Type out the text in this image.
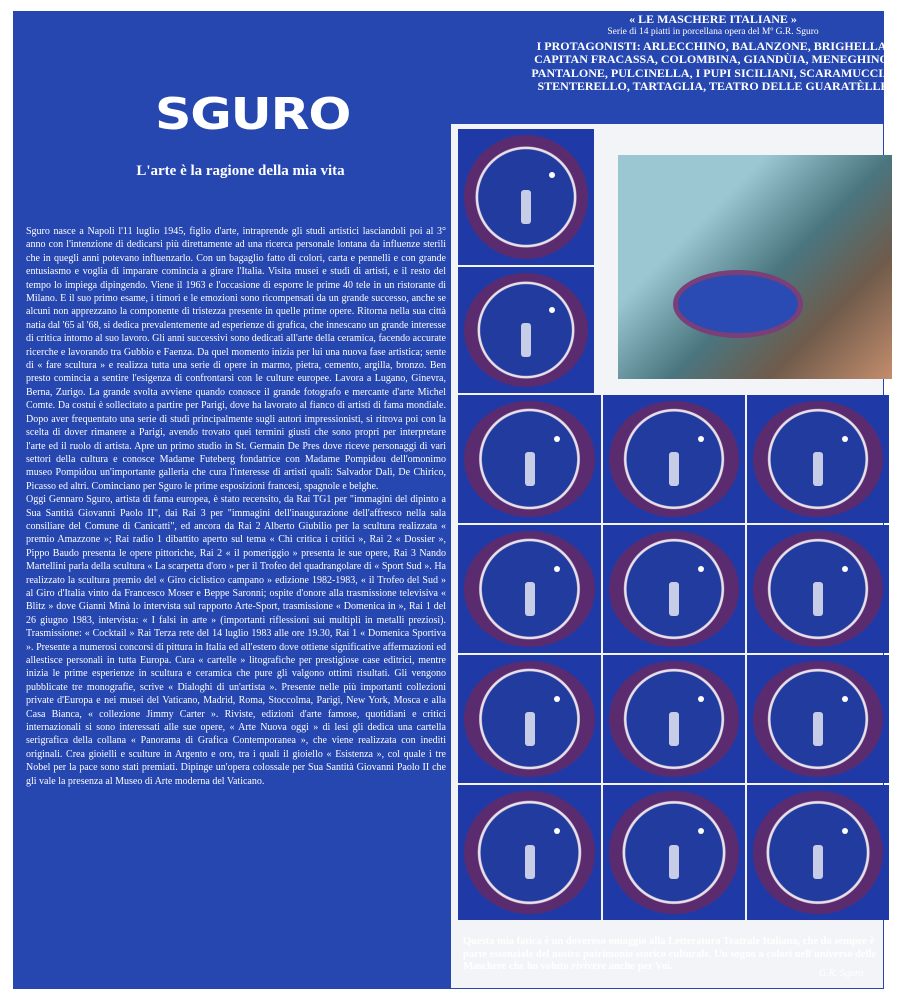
SGURO
L'arte è la ragione della mia vita

Sguro nasce a Napoli l'11 luglio 1945, figlio d'arte, intraprende gli studi artistici lasciandoli poi al 3° anno con l'intenzione di dedicarsi più direttamente ad una ricerca personale lontana da influenze sterili che in quegli anni potevano influenzarlo. Con un bagaglio fatto di colori, carta e pennelli e con grande entusiasmo e voglia di imparare comincia a girare l'Italia. Visita musei e studi di artisti, e il resto del tempo lo impiega dipingendo. Viene il 1963 e l'occasione di esporre le prime 40 tele in un ristorante di Milano. E il suo primo esame, i timori e le emozioni sono ricompensati da un grande successo, anche se alcuni non apprezzano la componente di tristezza presente in quelle prime opere. Ritorna nella sua città natia dal '65 al '68, si dedica prevalentemente ad esperienze di grafica, che innescano un grande interesse di critica intorno al suo lavoro. Gli anni successivi sono dedicati all'arte della ceramica, facendo accurate ricerche e lavorando tra Gubbio e Faenza. Da quel momento inizia per lui una nuova fase artistica; sente di « fare scultura » e realizza tutta una serie di opere in marmo, pietra, cemento, argilla, bronzo. Ben presto comincia a sentire l'esigenza di confrontarsi con le culture europee. Lavora a Lugano, Ginevra, Berna, Zurigo. La grande svolta avviene quando conosce il grande fotografo e mercante d'arte Michel Comte. Da costui è sollecitato a partire per Parigi, dove ha lavorato al fianco di artisti di fama mondiale. Dopo aver frequentato una serie di studi principalmente sugli autori impressionisti, si ritrova poi con la scelta di dover rimanere a Parigi, avendo trovato quei termini giusti che sono propri per interpretare l'arte ed il ruolo di artista. Apre un primo studio in St. Germain De Pres dove riceve personaggi di vari settori della cultura e conosce Madame Futeberg fondatrice con Madame Pompidou dell'omonimo museo Pompidou un'importante galleria che cura l'interesse di artisti quali: Salvador Dalì, De Chirico, Picasso ed altri. Cominciano per Sguro le prime esposizioni francesi, spagnole e belghe.

Oggi Gennaro Sguro, artista di fama europea, è stato recensito, da Rai TG1 per "immagini del dipinto a Sua Santità Giovanni Paolo II", dai Rai 3 per "immagini dell'inaugurazione dell'affresco nella sala consiliare del Comune di Canicatti", ed ancora da Rai 2 Alberto Giubilio per la scultura realizzata « premio Amazzone »; Rai radio 1 dibattito aperto sul tema « Chi critica i critici », Rai 2 « Dossier », Pippo Baudo presenta le opere pittoriche, Rai 2 « il pomeriggio » presenta le sue opere, Rai 3 Nando Martellini parla della scultura « La scarpetta d'oro » per il Trofeo del quadrangolare di « Sport Sud ». Ha realizzato la scultura premio del « Giro ciclistico campano » edizione 1982-1983, « il Trofeo del Sud » al Giro d'Italia vinto da Francesco Moser e Beppe Saronni; ospite d'onore alla trasmissione televisiva « Blitz » dove Gianni Minà lo intervista sul rapporto Arte-Sport, trasmissione « Domenica in », Rai 1 del 26 giugno 1983, intervista: « I falsi in arte » (importanti riflessioni sui multipli in metalli preziosi). Trasmissione: « Cocktail » Rai Terza rete del 14 luglio 1983 alle ore 19.30, Rai 1 « Domenica Sportiva ». Presente a numerosi concorsi di pittura in Italia ed all'estero dove ottiene significative affermazioni ed allestisce personali in tutta Europa. Cura « cartelle » litografiche per prestigiose case editrici, mentre inizia le prime esperienze in scultura e ceramica che pure gli valgono ottimi risultati. Gli vengono pubblicate tre monografie, scrive « Dialoghi di un'artista ». Presente nelle più importanti collezioni private d'Europa e nei musei del Vaticano, Madrid, Roma, Stoccolma, Parigi, New York, Mosca e alla Casa Bianca, « collezione Jimmy Carter ». Riviste, edizioni d'arte famose, quotidiani e critici internazionali si sono interessati alle sue opere, « Arte Nuova oggi » di lesi gli dedica una cartella serigrafica della collana « Panorama di Grafica Contemporanea », che viene realizzata con inediti originali. Crea gioielli e sculture in Argento e oro, tra i quali il gioiello « Esistenza », col quale i tre Nobel per la pace sono stati premiati. Dipinge un'opera colossale per Sua Santità Giovanni Paolo II che gli vale la presenza al Museo di Arte moderna del Vaticano.

« LE MASCHERE ITALIANE »
Serie di 14 piatti in porcellana opera del Mº G.R. Sguro
I PROTAGONISTI: ARLECCHINO, BALANZONE, BRIGHELLA, CAPITAN FRACASSA, COLOMBINA, GIANDÙIA, MENEGHINO, PANTALONE, PULCINELLA, I PUPI SICILIANI, SCARAMUCCIA, STENTERELLO, TARTAGLIA, TEATRO DELLE GUARATÈLLE
Questa mia fatica è un doveroso omaggio alla Letteratura Teatrale Italiana, che da sempre è parte essenziale del nostro patrimonio storico culturale. Un sogno a colori nell'universo delle Maschere che ho voluto rivivere anche per Voi.
G.R. Sguro
